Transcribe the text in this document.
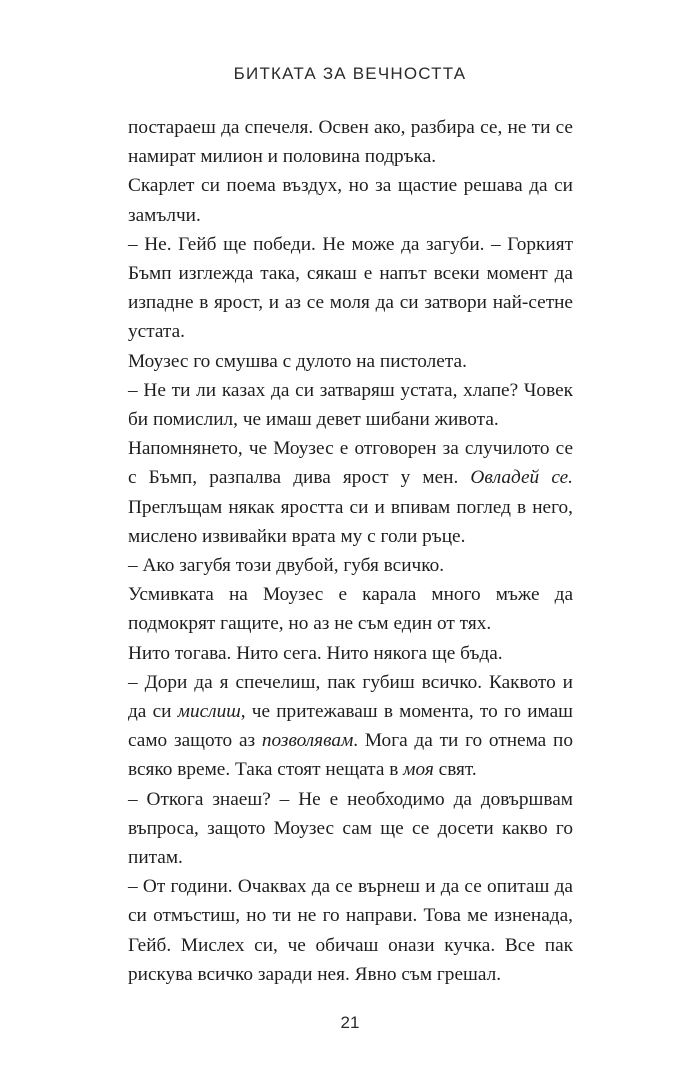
БИТКАТА ЗА ВЕЧНОСТТА

постараеш да спечеля. Освен ако, разбира се, не ти се намират милион и половина подръка.

Скарлет си поема въздух, но за щастие решава да си замълчи.

– Не. Гейб ще победи. Не може да загуби. – Горкият Бъмп изглежда така, сякаш е напът всеки момент да изпадне в ярост, и аз се моля да си затвори най-сетне устата.

Моузес го смушва с дулото на пистолета.

– Не ти ли казах да си затваряш устата, хлапе? Човек би помислил, че имаш девет шибани живота.

Напомнянето, че Моузес е отговорен за случилото се с Бъмп, разпалва дива ярост у мен. Овладей се. Преглъщам някак яростта си и впивам поглед в него, мислено извивайки врата му с голи ръце.

– Ако загубя този двубой, губя всичко.

Усмивката на Моузес е карала много мъже да подмокрят гащите, но аз не съм един от тях.

Нито тогава. Нито сега. Нито някога ще бъда.

– Дори да я спечелиш, пак губиш всичко. Каквото и да си мислиш, че притежаваш в момента, то го имаш само защото аз позволявам. Мога да ти го отнема по всяко време. Така стоят нещата в моя свят.

– Откога знаеш? – Не е необходимо да довършвам въпроса, защото Моузес сам ще се досети какво го питам.

– От години. Очаквах да се върнеш и да се опиташ да си отмъстиш, но ти не го направи. Това ме изненада, Гейб. Мислех си, че обичаш онази кучка. Все пак рискува всичко заради нея. Явно съм грешал.

21
